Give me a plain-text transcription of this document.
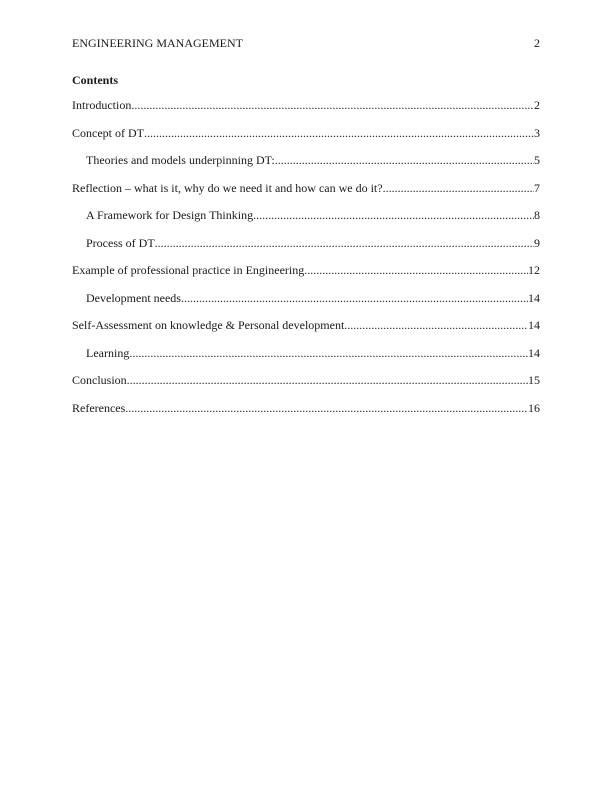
ENGINEERING MANAGEMENT	2
Contents
Introduction .....	2
Concept of DT .....	3
Theories and models underpinning DT: .....	5
Reflection – what is it, why do we need it and how can we do it? .....	7
A Framework for Design Thinking .....	8
Process of DT .....	9
Example of professional practice in Engineering .....	12
Development needs .....	14
Self-Assessment on knowledge & Personal development .....	14
Learning .....	14
Conclusion .....	15
References .....	16
